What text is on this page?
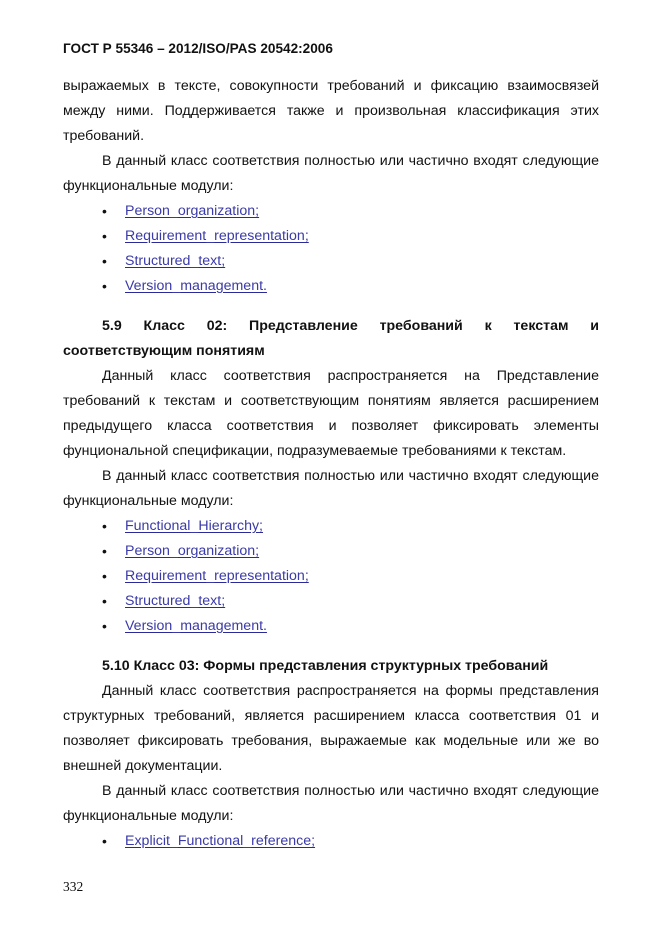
ГОСТ Р 55346 – 2012/ISO/PAS 20542:2006

выражаемых в тексте, совокупности требований и фиксацию взаимосвязей между ними. Поддерживается также и произвольная классификация этих требований.

В данный класс соответствия полностью или частично входят следующие функциональные модули:

• Person_organization;
• Requirement_representation;
• Structured_text;
• Version_management.
5.9 Класс 02: Представление требований к текстам и соответствующим понятиям

Данный класс соответствия распространяется на Представление требований к текстам и соответствующим понятиям является расширением предыдущего класса соответствия и позволяет фиксировать элементы фунциональной спецификации, подразумеваемые требованиями к текстам.

В данный класс соответствия полностью или частично входят следующие функциональные модули:

• Functional_Hierarchy;
• Person_organization;
• Requirement_representation;
• Structured_text;
• Version_management.
5.10 Класс 03: Формы представления структурных требований

Данный класс соответствия распространяется на формы представления структурных требований, является расширением класса соответствия 01 и позволяет фиксировать требования, выражаемые как модельные или же во внешней документации.

В данный класс соответствия полностью или частично входят следующие функциональные модули:

• Explicit_Functional_reference;
332
